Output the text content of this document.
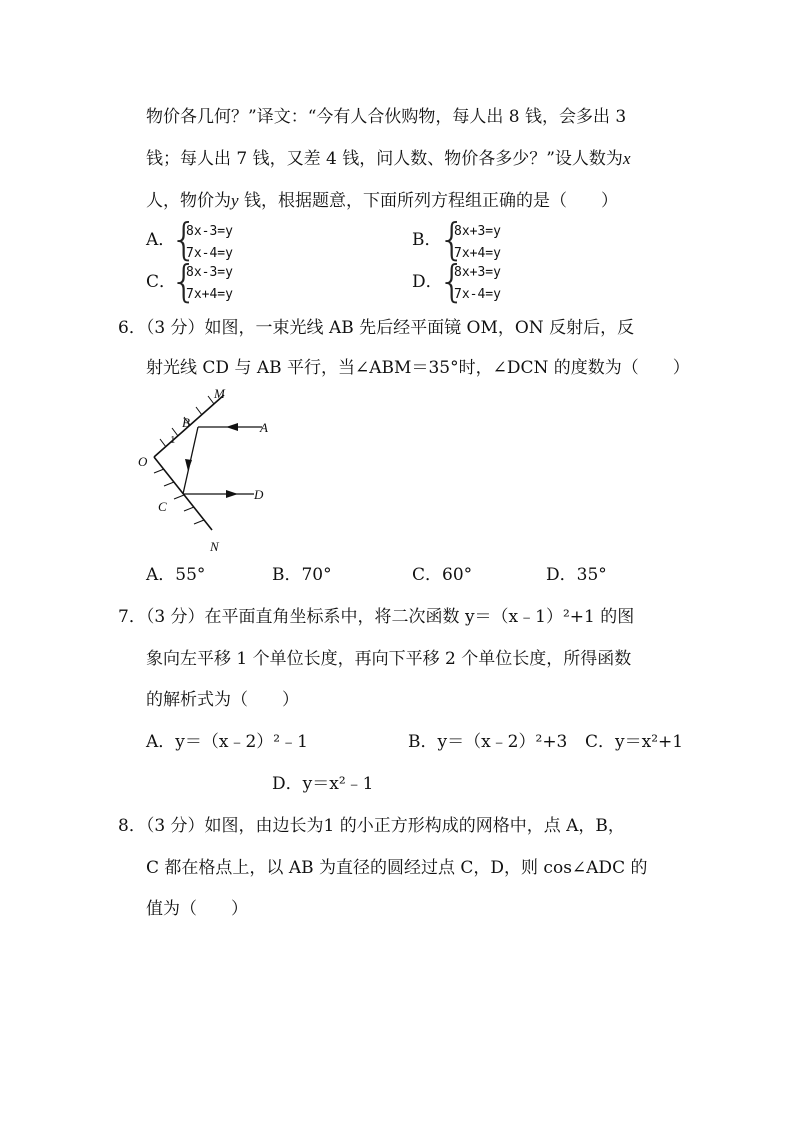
物价各几何？”译文：“今有人合伙购物，每人出 8 钱，会多出 3
钱；每人出 7 钱，又差 4 钱，问人数、物价各多少？”设人数为x
人，物价为y 钱，根据题意，下面所列方程组正确的是（　　）
A．
{
8x-3=y
7x-4=y
B．
{
8x+3=y
7x+4=y
C．
{
8x-3=y
7x+4=y
D．
{
8x+3=y
7x-4=y
6．（3 分）如图，一束光线 AB 先后经平面镜 OM，ON 反射后，反
射光线 CD 与 AB 平行，当∠ABM＝35°时，∠DCN 的度数为（　　）
M
B	A
O
1
C
D
N
A．55°	B．70°	C．60°	D．35°
7．（3 分）在平面直角坐标系中，将二次函数 y＝（x﹣1）²+1 的图
象向左平移 1 个单位长度，再向下平移 2 个单位长度，所得函数
的解析式为（　　）
A．y＝（x﹣2）²﹣1	B．y＝（x﹣2）²+3 C．y＝x²+1
D．y＝x²﹣1
8．（3 分）如图，由边长为1 的小正方形构成的网格中，点 A，B，
C 都在格点上，以 AB 为直径的圆经过点 C，D，则 cos∠ADC 的
值为（　　）
